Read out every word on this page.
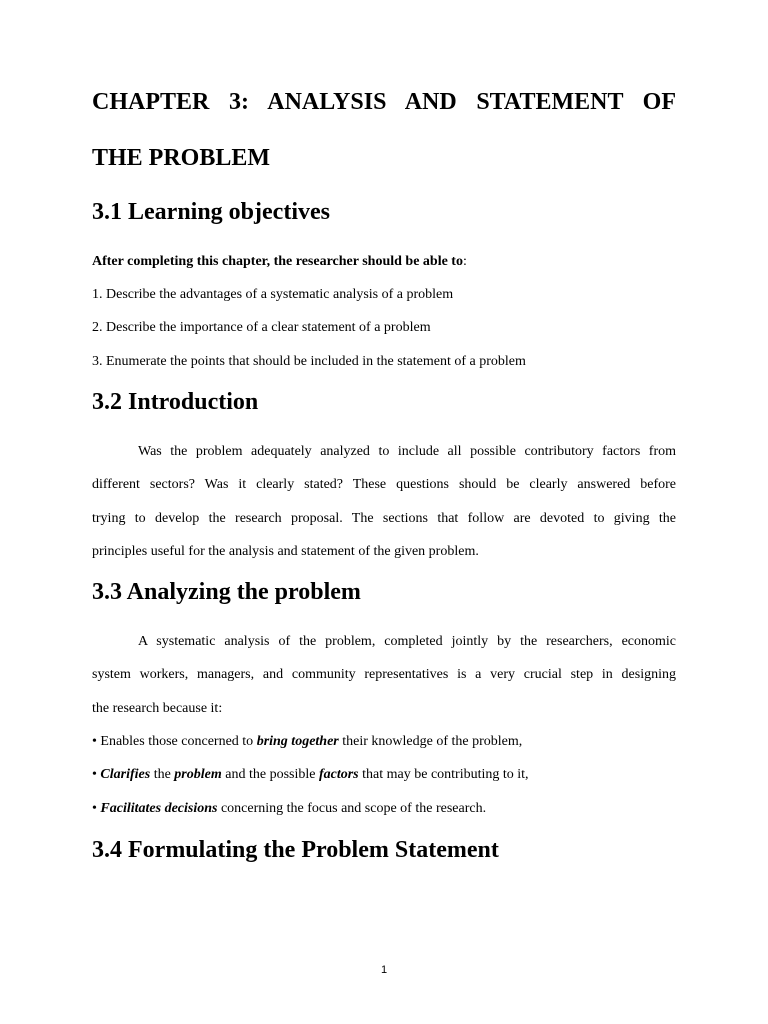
CHAPTER 3: ANALYSIS AND STATEMENT OF
THE PROBLEM
3.1 Learning objectives

After completing this chapter, the researcher should be able to:

1. Describe the advantages of a systematic analysis of a problem

2. Describe the importance of a clear statement of a problem

3. Enumerate the points that should be included in the statement of a problem

3.2 Introduction

Was the problem adequately analyzed to include all possible contributory factors from

different sectors? Was it clearly stated? These questions should be clearly answered before

trying to develop the research proposal. The sections that follow are devoted to giving the

principles useful for the analysis and statement of the given problem.

3.3 Analyzing the problem

A systematic analysis of the problem, completed jointly by the researchers, economic

system workers, managers, and community representatives is a very crucial step in designing

the research because it:

• Enables those concerned to bring together their knowledge of the problem,

• Clarifies the problem and the possible factors that may be contributing to it,

• Facilitates decisions concerning the focus and scope of the research.

3.4 Formulating the Problem Statement
1
